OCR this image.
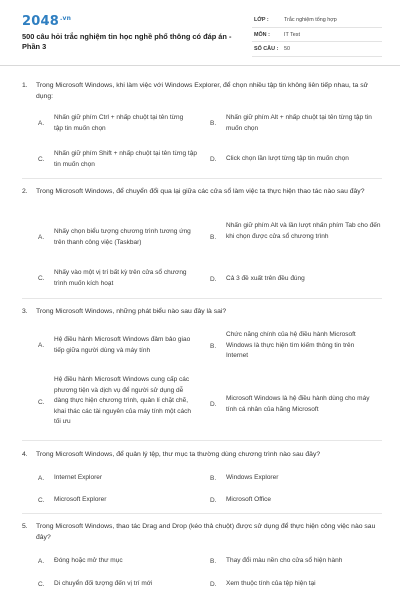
$2048^{.vn}$
500 câu hỏi trắc nghiệm tin học nghề phổ thông có đáp án - Phần 3
LỚP :	Trắc nghiệm tổng hợp
MÔN :	IT Test
SỐ CÂU : 50
1. Trong Microsoft Windows, khi làm việc với Windows Explorer, để chọn nhiều tập tin không liên tiếp nhau, ta sử dụng:
A.
Nhấn giữ phím Ctrl + nhấp chuột tại tên từng tập tin muốn chọn
B.
Nhấn giữ phím Alt + nhấp chuột tại tên từng tập tin muốn chọn
C.
Nhấn giữ phím Shift + nhấp chuột tại tên từng tập tin muốn chọn
D. Click chọn lần lượt từng tập tin muốn chọn
2. Trong Microsoft Windows, để chuyển đổi qua lại giữa các cửa sổ làm việc ta thực hiện thao tác nào sau đây?
A.
Nhấy chọn biểu tượng chương trình tương ứng trên thanh công việc (Taskbar)
B.
Nhấn giữ phím Alt và lần lượt nhấn phím Tab cho đến khi chọn được cửa sổ chương trình
C.
Nhấy vào một vị trí bất kỳ trên cửa sổ chương trình muốn kích hoạt
D. Cả 3 đề xuất trên đều đúng
3. Trong Microsoft Windows, những phát biểu nào sau đây là sai?
A.
Hệ điều hành Microsoft Windows đảm bảo giao tiếp giữa người dùng và máy tính
B.
Chức năng chính của hệ điều hành Microsoft Windows là thực hiện tìm kiếm thông tin trên Internet
C.
Hệ điều hành Microsoft Windows cung cấp các phương tiện và dịch vụ để người sử dụng dễ dàng thực hiện chương trình, quản lí chặt chẽ, khai thác các tài nguyên của máy tính một cách tối ưu
D.
Microsoft Windows là hệ điều hành dùng cho máy tính cá nhân của hãng Microsoft
4. Trong Microsoft Windows, để quản lý tệp, thư mục ta thường dùng chương trình nào sau đây?
A. Internet Explorer	B. Windows Explorer
C. Microsoft Explorer	D. Microsoft Office
5. Trong Microsoft Windows, thao tác Drag and Drop (kéo thả chuột) được sử dụng để thực hiện công việc nào sau đây?
A. Đóng hoặc mở thư mục	B. Thay đổi màu nền cho cửa sổ hiện hành
C. Di chuyển đối tượng đến vị trí mới	D. Xem thuộc tính của tệp hiện tại
